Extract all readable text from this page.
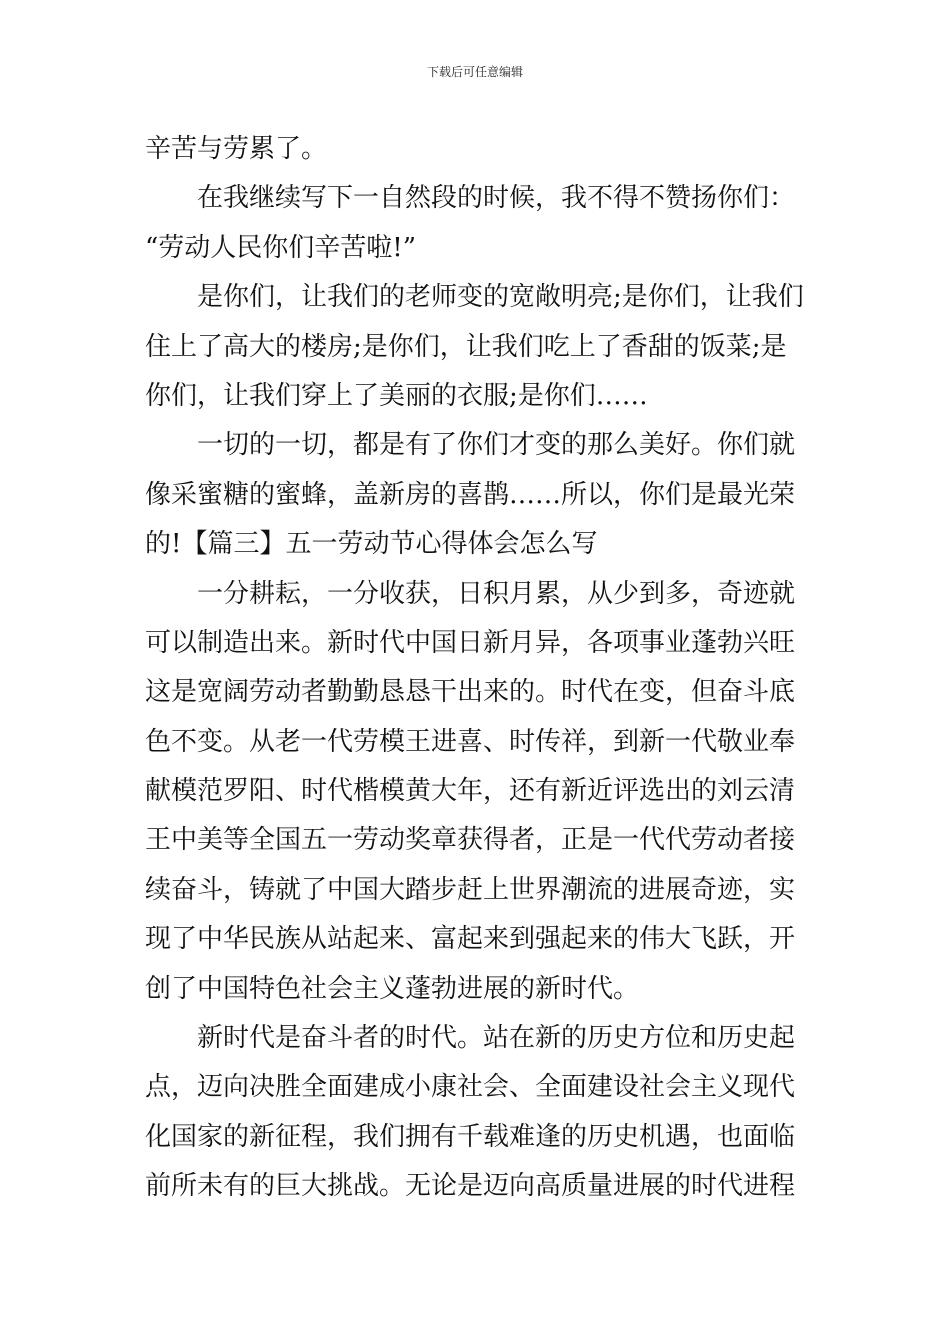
下载后可任意编辑
辛苦与劳累了。
在我继续写下一自然段的时候，我不得不赞扬你们：
“劳动人民你们辛苦啦!”
是你们，让我们的老师变的宽敞明亮;是你们，让我们
住上了高大的楼房;是你们，让我们吃上了香甜的饭菜;是
你们，让我们穿上了美丽的衣服;是你们……
一切的一切，都是有了你们才变的那么美好。你们就
像采蜜糖的蜜蜂，盖新房的喜鹊……所以，你们是最光荣
的!【篇三】五一劳动节心得体会怎么写
一分耕耘，一分收获，日积月累，从少到多，奇迹就
可以制造出来。新时代中国日新月异，各项事业蓬勃兴旺
这是宽阔劳动者勤勤恳恳干出来的。时代在变，但奋斗底
色不变。从老一代劳模王进喜、时传祥，到新一代敬业奉
献模范罗阳、时代楷模黄大年，还有新近评选出的刘云清
王中美等全国五一劳动奖章获得者，正是一代代劳动者接
续奋斗，铸就了中国大踏步赶上世界潮流的进展奇迹，实
现了中华民族从站起来、富起来到强起来的伟大飞跃，开
创了中国特色社会主义蓬勃进展的新时代。
新时代是奋斗者的时代。站在新的历史方位和历史起
点，迈向决胜全面建成小康社会、全面建设社会主义现代
化国家的新征程，我们拥有千载难逢的历史机遇，也面临
前所未有的巨大挑战。无论是迈向高质量进展的时代进程
